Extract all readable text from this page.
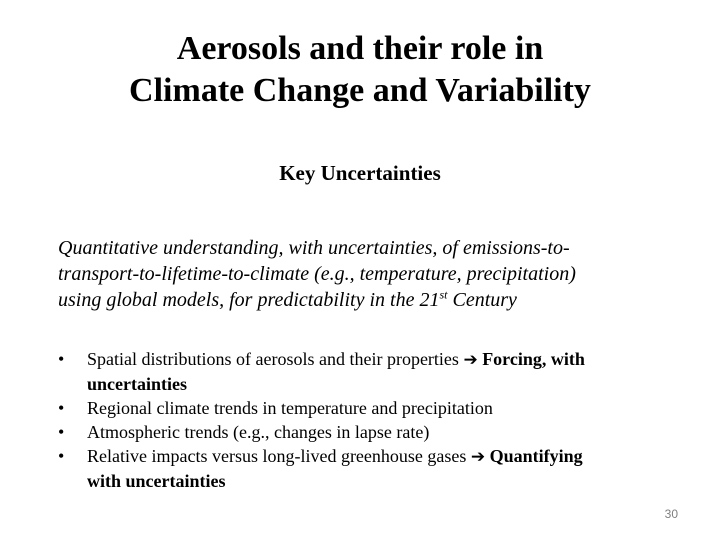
Aerosols and their role in
Climate Change and Variability
Key Uncertainties
Quantitative understanding, with uncertainties, of emissions-to-
transport-to-lifetime-to-climate (e.g., temperature, precipitation)
using global models, for predictability in the 21st Century
• Spatial distributions of aerosols and their properties ➔ Forcing, with
uncertainties
• Regional climate trends in temperature and precipitation
• Atmospheric trends (e.g., changes in lapse rate)
• Relative impacts versus long-lived greenhouse gases ➔ Quantifying
with uncertainties
30
